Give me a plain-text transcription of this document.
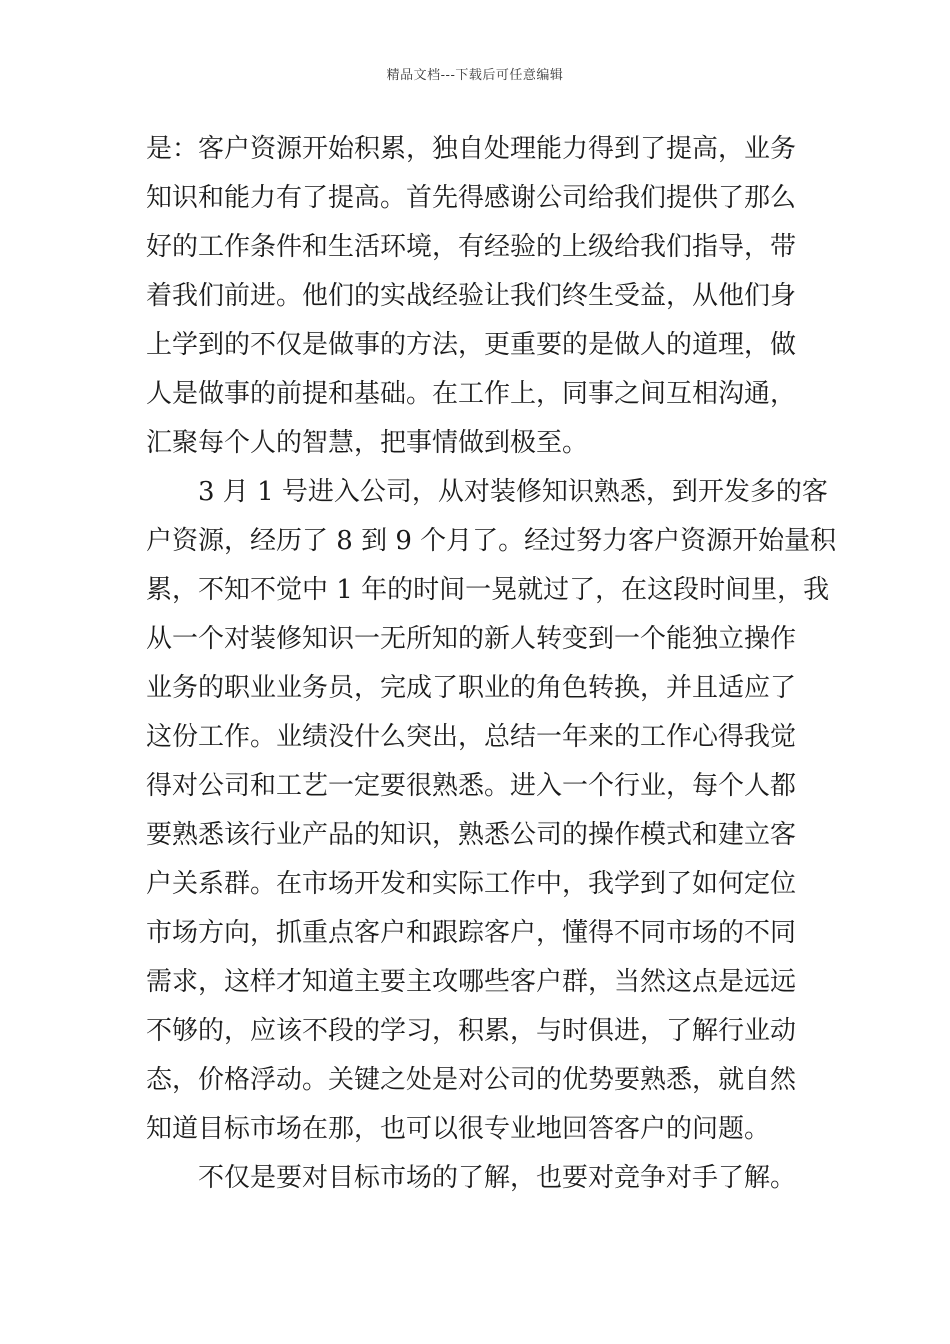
精品文档---下载后可任意编辑
是：客户资源开始积累，独自处理能力得到了提高，业务
知识和能力有了提高。首先得感谢公司给我们提供了那么
好的工作条件和生活环境，有经验的上级给我们指导，带
着我们前进。他们的实战经验让我们终生受益，从他们身
上学到的不仅是做事的方法，更重要的是做人的道理，做
人是做事的前提和基础。在工作上，同事之间互相沟通，
汇聚每个人的智慧，把事情做到极至。
3 月 1 号进入公司，从对装修知识熟悉，到开发多的客
户资源，经历了 8 到 9 个月了。经过努力客户资源开始量积
累，不知不觉中 1 年的时间一晃就过了，在这段时间里，我
从一个对装修知识一无所知的新人转变到一个能独立操作
业务的职业业务员，完成了职业的角色转换，并且适应了
这份工作。业绩没什么突出，总结一年来的工作心得我觉
得对公司和工艺一定要很熟悉。进入一个行业，每个人都
要熟悉该行业产品的知识，熟悉公司的操作模式和建立客
户关系群。在市场开发和实际工作中，我学到了如何定位
市场方向，抓重点客户和跟踪客户，懂得不同市场的不同
需求，这样才知道主要主攻哪些客户群，当然这点是远远
不够的，应该不段的学习，积累，与时俱进，了解行业动
态，价格浮动。关键之处是对公司的优势要熟悉，就自然
知道目标市场在那，也可以很专业地回答客户的问题。
不仅是要对目标市场的了解，也要对竞争对手了解。
